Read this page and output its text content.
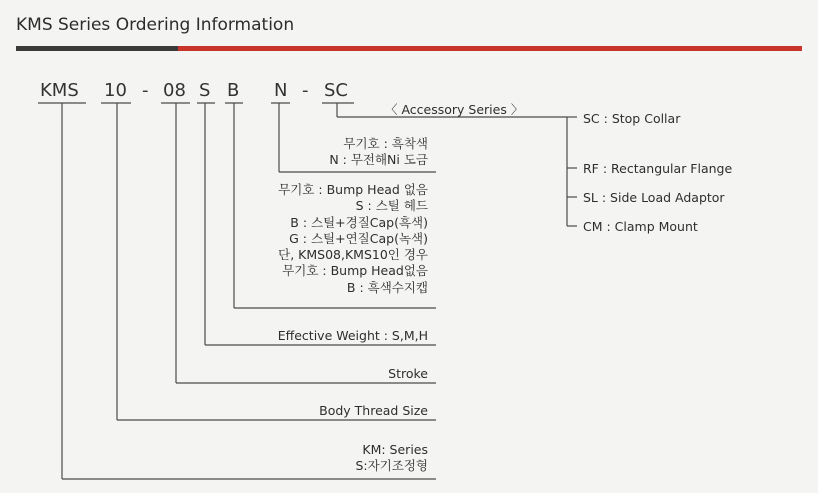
KMS Series Ordering Information
KMS 10 - 08 S B N - SC
〈 Accessory Series 〉
무기호 : 흑착색
N : 무전해Ni 도금
무기호 : Bump Head 없음
S : 스틸 헤드
B : 스틸+경질Cap(흑색)
G : 스틸+연질Cap(녹색)
단, KMS08,KMS10인 경우
무기호 : Bump Head없음
B : 흑색수지캡
Effective Weight : S,M,H
Stroke
Body Thread Size
KM: Series
S:자기조정형
SC : Stop Collar
RF : Rectangular Flange
SL : Side Load Adaptor
CM : Clamp Mount
